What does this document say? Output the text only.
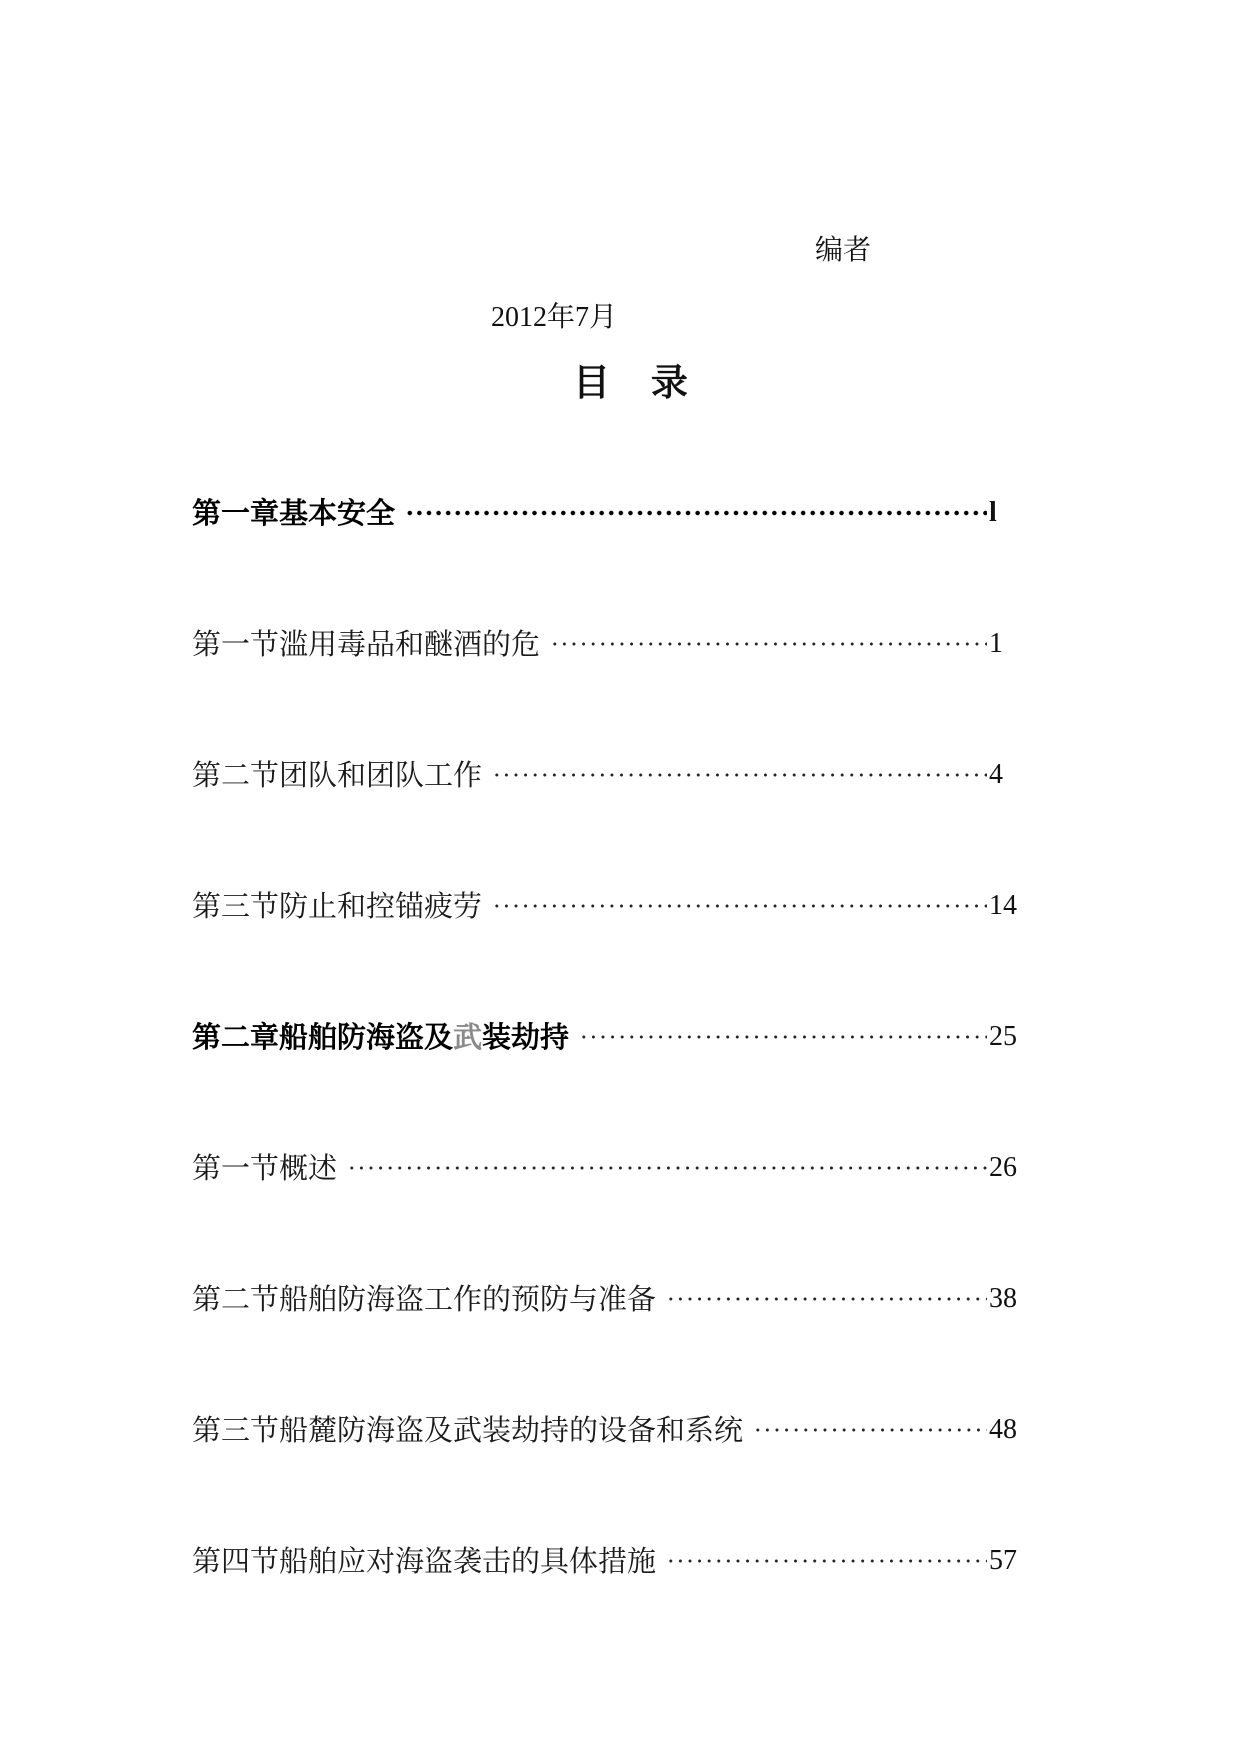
编者
2012年7月
目 录
第一章基本安全	l
第一节滥用毒品和醚酒的危	1
第二节团队和团队工作	4
第三节防止和控锚疲劳	14
第二章船舶防海盗及武装劫持	25
第一节概述	26
第二节船舶防海盗工作的预防与准备	38
第三节船麓防海盗及武装劫持的设备和系统	48
第四节船舶应对海盗袭击的具体措施	57
